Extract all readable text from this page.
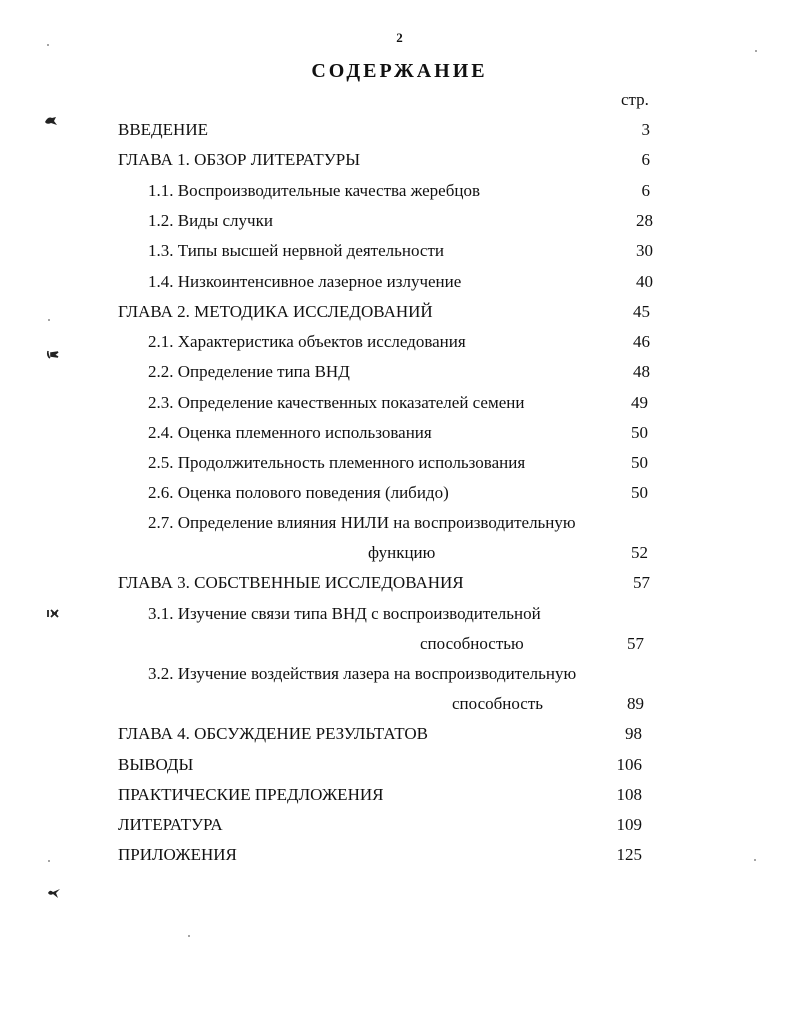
2
СОДЕРЖАНИЕ
стр.
ВВЕДЕНИЕ	3
ГЛАВА 1. ОБЗОР ЛИТЕРАТУРЫ	6
1.1. Воспроизводительные качества жеребцов	6
1.2. Виды случки	28
1.3. Типы высшей нервной деятельности	30
1.4. Низкоинтенсивное лазерное излучение	40
ГЛАВА 2. МЕТОДИКА ИССЛЕДОВАНИЙ	45
2.1. Характеристика объектов исследования	46
2.2. Определение типа ВНД	48
2.3. Определение качественных показателей семени	49
2.4. Оценка племенного использования	50
2.5. Продолжительность племенного использования	50
2.6. Оценка полового поведения (либидо)	50
2.7. Определение влияния НИЛИ на воспроизводительную
функцию	52
ГЛАВА 3. СОБСТВЕННЫЕ ИССЛЕДОВАНИЯ	57
3.1. Изучение связи типа ВНД с воспроизводительной
способностью	57
3.2. Изучение воздействия лазера на воспроизводительную
способность	89
ГЛАВА 4. ОБСУЖДЕНИЕ РЕЗУЛЬТАТОВ	98
ВЫВОДЫ	106
ПРАКТИЧЕСКИЕ ПРЕДЛОЖЕНИЯ	108
ЛИТЕРАТУРА	109
ПРИЛОЖЕНИЯ	125
